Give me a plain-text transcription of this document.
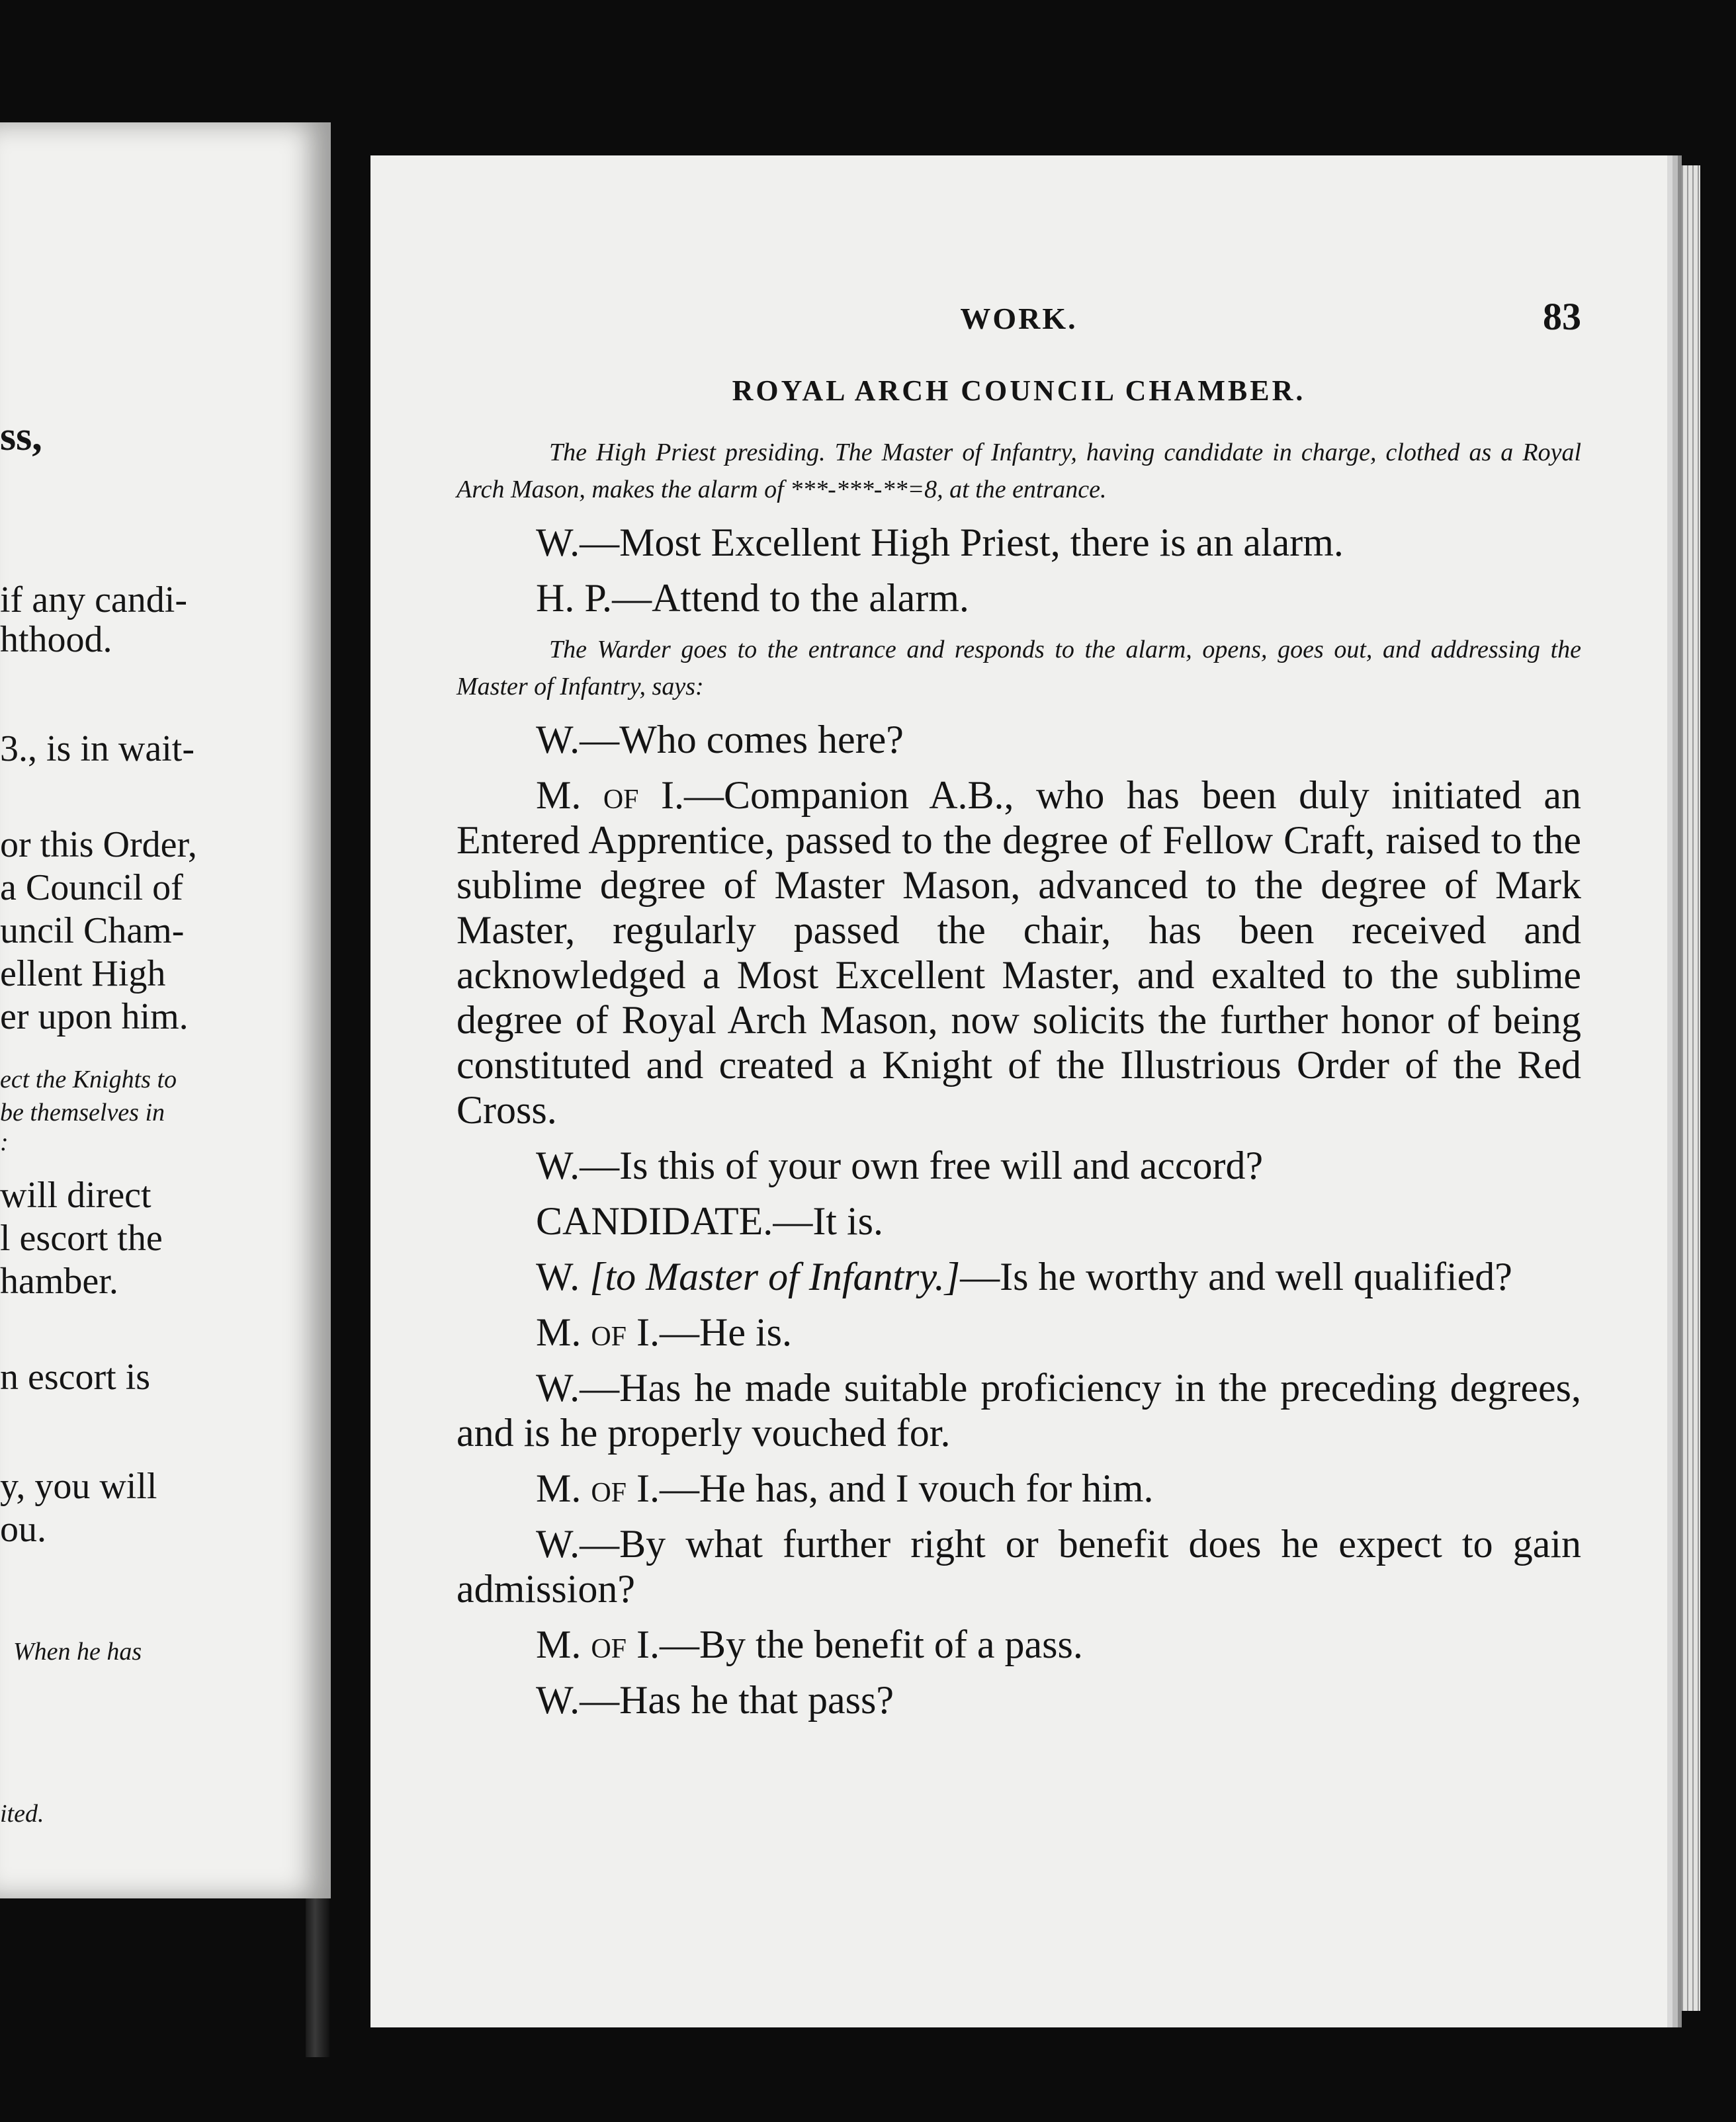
ss,
if any candi-
hthood.
3., is in wait-
or this Order,
a Council of
uncil Cham-
ellent High
er upon him.
ect the Knights to
be themselves in
:
will direct
l escort the
hamber.
n escort is
y, you will
ou.
When he has
ited.
WORK.	83
ROYAL ARCH COUNCIL CHAMBER.

The High Priest presiding. The Master of Infantry, having candidate in charge, clothed as a Royal Arch Mason, makes the alarm of ***-***-**=8, at the entrance.

W.—Most Excellent High Priest, there is an alarm.

H. P.—Attend to the alarm.

The Warder goes to the entrance and responds to the alarm, opens, goes out, and addressing the Master of Infantry, says:

W.—Who comes here?

M. of I.—Companion A.B., who has been duly initiated an Entered Apprentice, passed to the degree of Fellow Craft, raised to the sublime degree of Master Mason, advanced to the degree of Mark Master, regularly passed the chair, has been received and acknowledged a Most Excellent Master, and exalted to the sublime degree of Royal Arch Mason, now solicits the further honor of being constituted and created a Knight of the Illustrious Order of the Red Cross.

W.—Is this of your own free will and accord?

CANDIDATE.—It is.

W. [to Master of Infantry.]—Is he worthy and well qualified?

M. of I.—He is.

W.—Has he made suitable proficiency in the preceding degrees, and is he properly vouched for.

M. of I.—He has, and I vouch for him.

W.—By what further right or benefit does he expect to gain admission?

M. of I.—By the benefit of a pass.

W.—Has he that pass?
